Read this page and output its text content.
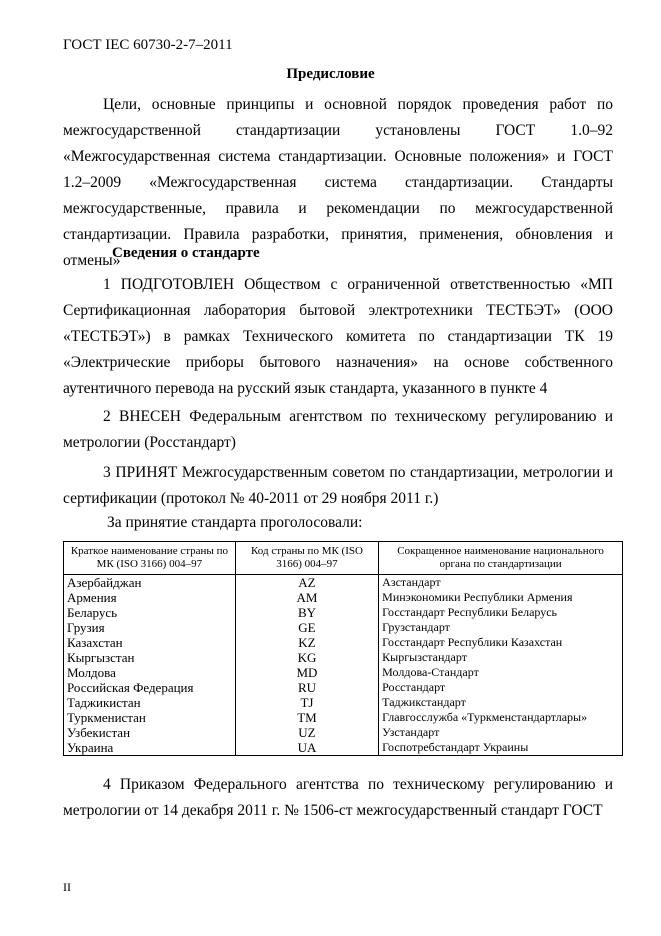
ГОСТ IEC 60730-2-7–2011
Предисловие

Цели, основные принципы и основной порядок проведения работ по межгосударственной стандартизации установлены ГОСТ 1.0–92 «Межгосударственная система стандартизации. Основные положения» и ГОСТ 1.2–2009 «Межгосударственная система стандартизации. Стандарты межгосударственные, правила и рекомендации по межгосударственной стандартизации. Правила разработки, принятия, применения, обновления и отмены»

Сведения о стандарте

1 ПОДГОТОВЛЕН Обществом с ограниченной ответственностью «МП Сертификационная лаборатория бытовой электротехники ТЕСТБЭТ» (ООО «ТЕСТБЭТ») в рамках Технического комитета по стандартизации ТК 19 «Электрические приборы бытового назначения» на основе собственного аутентичного перевода на русский язык стандарта, указанного в пункте 4

2 ВНЕСЕН Федеральным агентством по техническому регулированию и метрологии (Росстандарт)

3 ПРИНЯТ Межгосударственным советом по стандартизации, метрологии и сертификации (протокол № 40-2011 от 29 ноября 2011 г.)

За принятие стандарта проголосовали:
Краткое наименование страны по МК (ISO 3166) 004–97	Код страны по МК (ISO 3166) 004–97	Сокращенное наименование национального органа по стандартизации
Азербайджан	AZ	Азстандарт
Армения	AM	Минэкономики Республики Армения
Беларусь	BY	Госстандарт Республики Беларусь
Грузия	GE	Грузстандарт
Казахстан	KZ	Госстандарт Республики Казахстан
Кыргызстан	KG	Кыргызстандарт
Молдова	MD	Молдова-Стандарт
Российская Федерация	RU	Росстандарт
Таджикистан	TJ	Таджикстандарт
Туркменистан	TM	Главгосслужба «Туркменстандартлары»
Узбекистан	UZ	Узстандарт
Украина	UA	Госпотребстандарт Украины

4 Приказом Федерального агентства по техническому регулированию и метрологии от 14 декабря 2011 г. № 1506-ст межгосударственный стандарт ГОСТ

II
